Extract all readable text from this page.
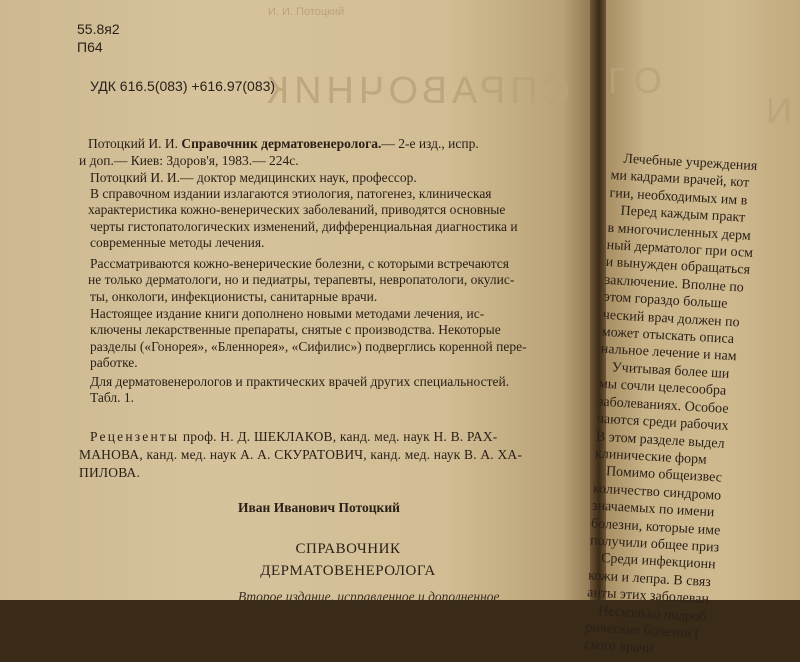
И. И. Потоцкий
СПРАВОЧНИК
55.8я2
П64
УДК 616.5(083) +616.97(083)
Потоцкий И. И. Справочник дерматовенеролога.— 2-е изд., испр.
и доп.— Киев: Здоров'я, 1983.— 224с.
Потоцкий И. И.— доктор медицинских наук, профессор.
В справочном издании излагаются этиология, патогенез, клиническая
характеристика кожно-венерических заболеваний, приводятся основные
черты гистопатологических изменений, дифференциальная диагностика и
современные методы лечения.
Рассматриваются кожно-венерические болезни, с которыми встречаются
не только дерматологи, но и педиатры, терапевты, невропатологи, окулис-
ты, онкологи, инфекционисты, санитарные врачи.
Настоящее издание книги дополнено новыми методами лечения, ис-
ключены лекарственные препараты, снятые с производства. Некоторые
разделы («Гонорея», «Бленнорея», «Сифилис») подверглись коренной пере-
работке.
Для дерматовенерологов и практических врачей других специальностей.
Табл. 1.
Рецензенты проф. Н. Д. ШЕКЛАКОВ, канд. мед. наук Н. В. РАХ-
МАНОВА, канд. мед. наук А. А. СКУРАТОВИЧ, канд. мед. наук В. А. ХА-
ПИЛОВА.
Иван Иванович Потоцкий
СПРАВОЧНИК
ДЕРМАТОВЕНЕРОЛОГА
Второе издание, исправленное и дополненное
ПО
И
Лечебные учреждения
ми кадрами врачей, кот
гии, необходимых им в
Перед каждым практ
в многочисленных дерм
ный дерматолог при осм
и вынужден обращаться
заключение. Вполне по
этом гораздо больше
ческий врач должен по
может отыскать описа
нальное лечение и нам
Учитывая более ши
мы сочли целесообра
заболеваниях. Особое
чаются среди рабочих
В этом разделе выдел
клинические форм
Помимо общеизвес
количество синдромо
значаемых по имени
болезни, которые име
получили общее приз
Среди инфекционн
кожи и лепра. В связ
анты этих заболеван
Несколько подроб
рические болезни (
ского врачи
